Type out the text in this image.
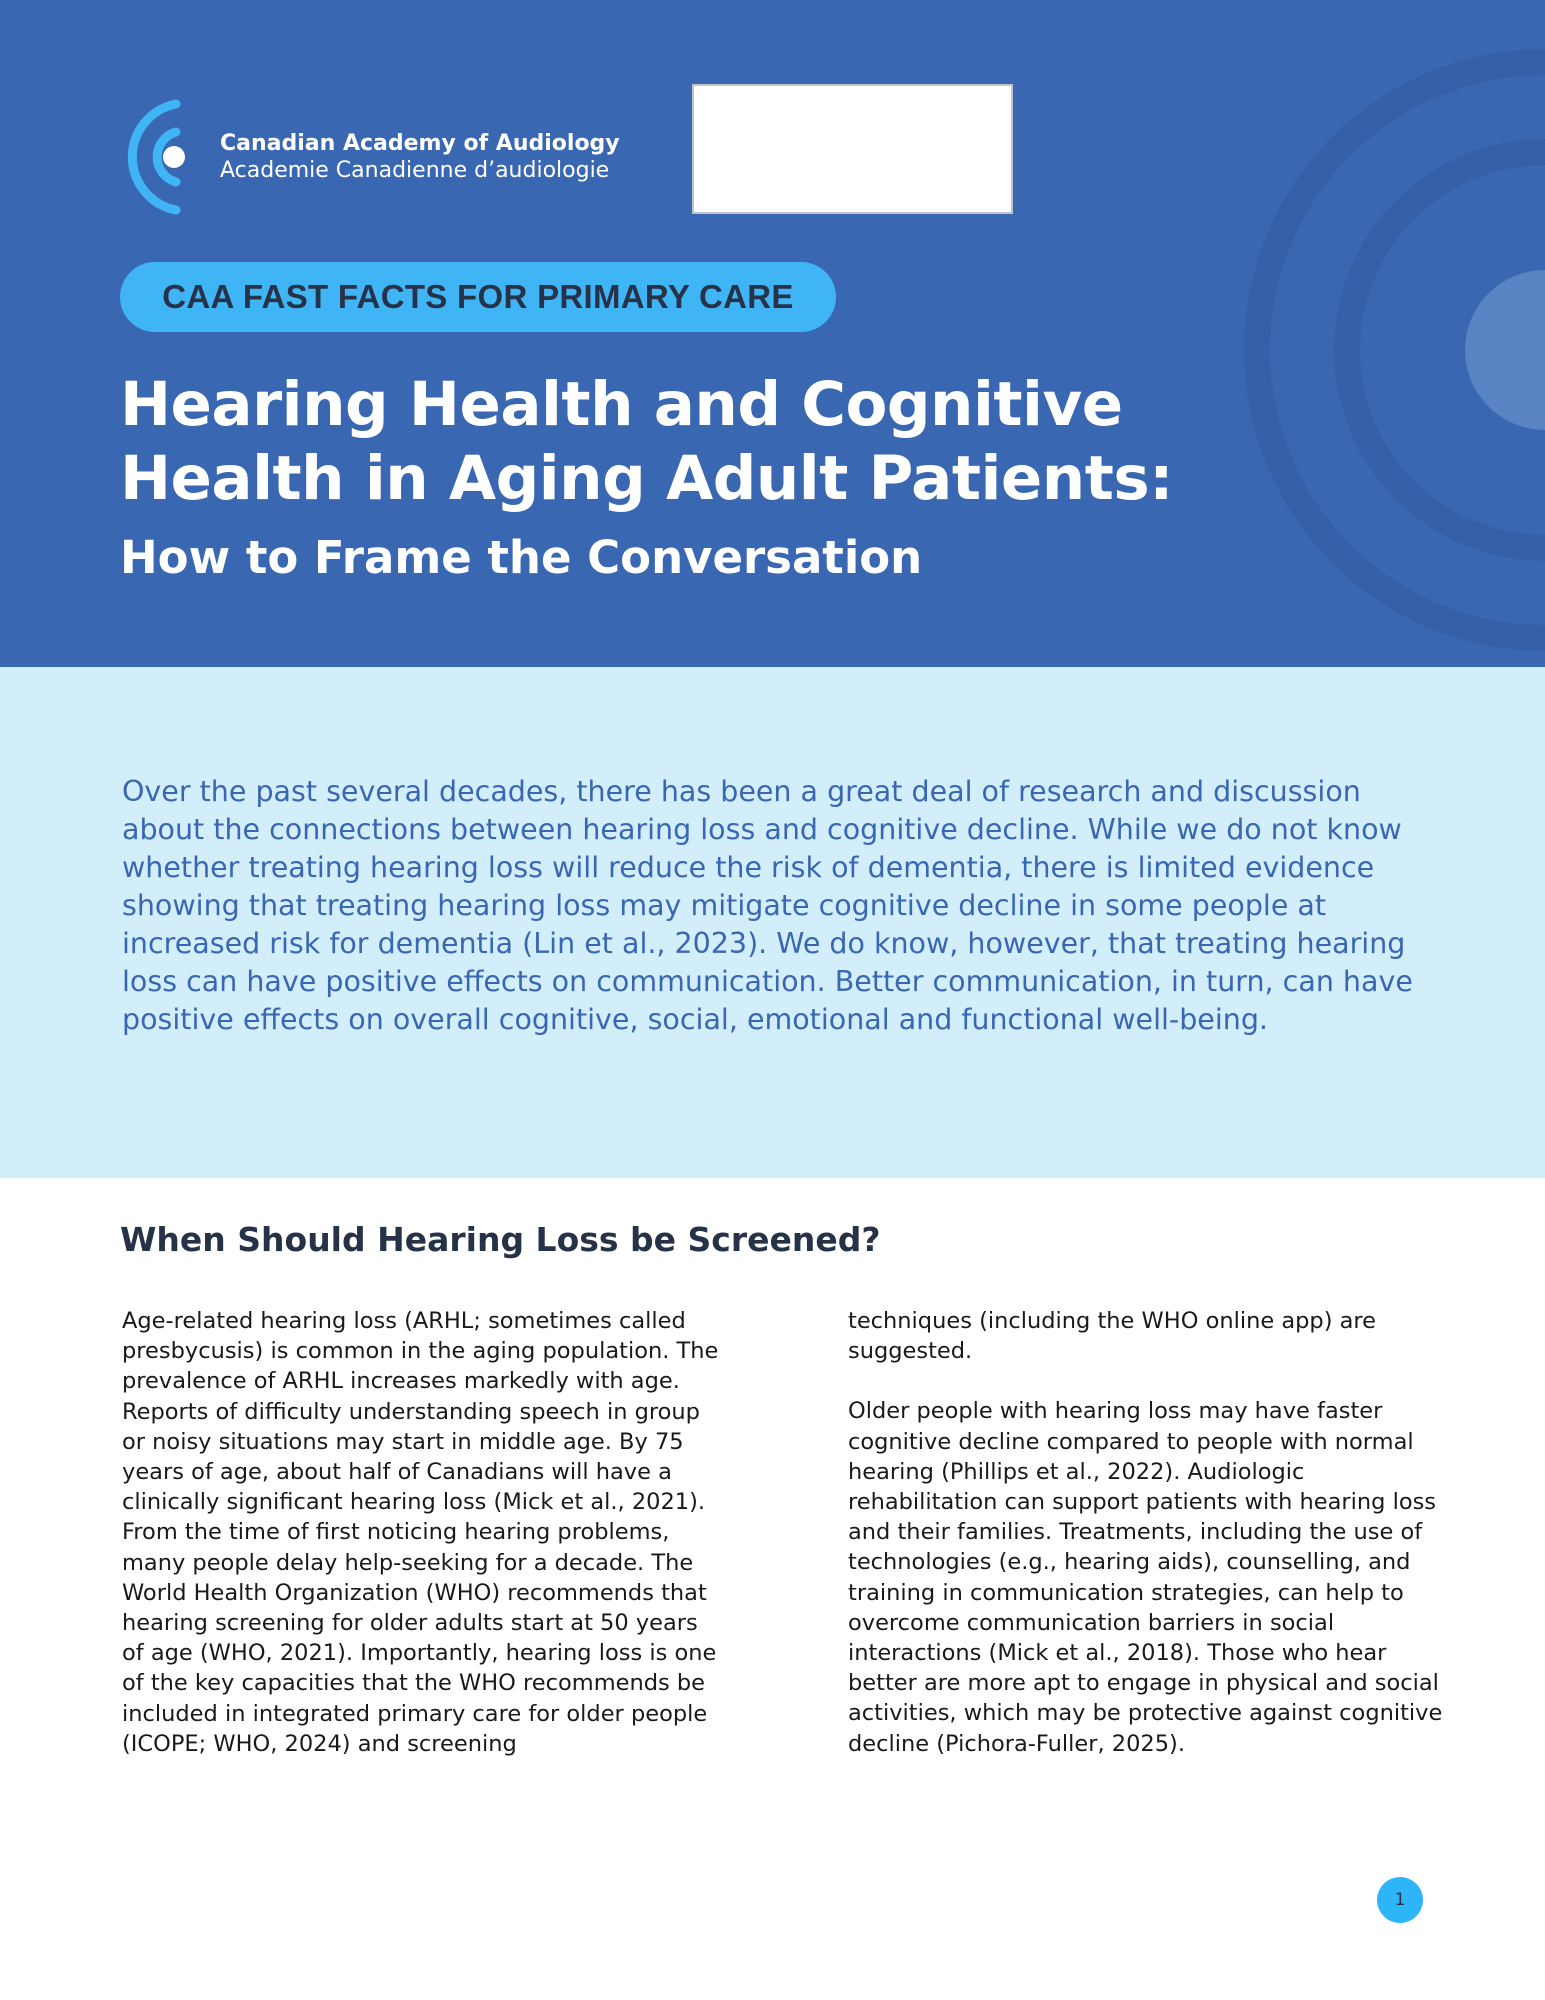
Canadian Academy of Audiology
Academie Canadienne d’audiologie
CAA FAST FACTS FOR PRIMARY CARE
Hearing Health and Cognitive
Health in Aging Adult Patients:
How to Frame the Conversation

Over the past several decades, there has been a great deal of research and discussion about the connections between hearing loss and cognitive decline. While we do not know whether treating hearing loss will reduce the risk of dementia, there is limited evidence showing that treating hearing loss may mitigate cognitive decline in some people at increased risk for dementia (Lin et al., 2023). We do know, however, that treating hearing loss can have positive effects on communication. Better communication, in turn, can have positive effects on overall cognitive, social, emotional and functional well-being.

When Should Hearing Loss be Screened?

Age-related hearing loss (ARHL; sometimes called presbycusis) is common in the aging population. The prevalence of ARHL increases markedly with age. Reports of difficulty understanding speech in group or noisy situations may start in middle age. By 75 years of age, about half of Canadians will have a clinically significant hearing loss (Mick et al., 2021). From the time of first noticing hearing problems, many people delay help-seeking for a decade. The World Health Organization (WHO) recommends that hearing screening for older adults start at 50 years of age (WHO, 2021). Importantly, hearing loss is one of the key capacities that the WHO recommends be included in integrated primary care for older people (ICOPE; WHO, 2024) and screening

techniques (including the WHO online app) are suggested.

Older people with hearing loss may have faster cognitive decline compared to people with normal hearing (Phillips et al., 2022). Audiologic rehabilitation can support patients with hearing loss and their families. Treatments, including the use of technologies (e.g., hearing aids), counselling, and training in communication strategies, can help to overcome communication barriers in social interactions (Mick et al., 2018). Those who hear better are more apt to engage in physical and social activities, which may be protective against cognitive decline (Pichora-Fuller, 2025).

1
